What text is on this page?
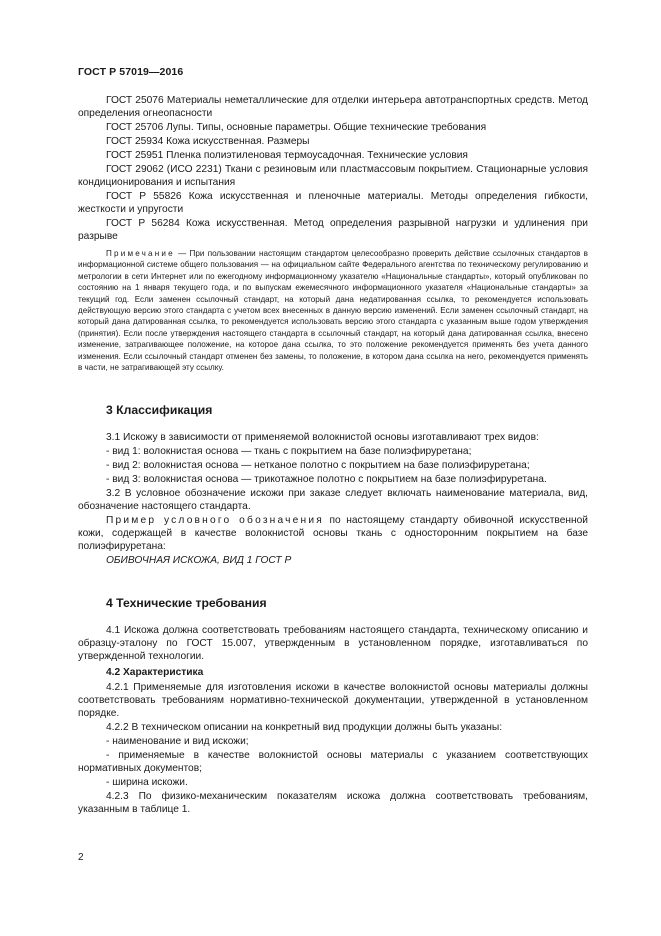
ГОСТ Р 57019—2016

ГОСТ 25076 Материалы неметаллические для отделки интерьера автотранспортных средств. Метод определения огнеопасности

ГОСТ 25706 Лупы. Типы, основные параметры. Общие технические требования

ГОСТ 25934 Кожа искусственная. Размеры

ГОСТ 25951 Пленка полиэтиленовая термоусадочная. Технические условия

ГОСТ 29062 (ИСО 2231) Ткани с резиновым или пластмассовым покрытием. Стационарные условия кондиционирования и испытания

ГОСТ Р 55826 Кожа искусственная и пленочные материалы. Методы определения гибкости, жесткости и упругости

ГОСТ Р 56284 Кожа искусственная. Метод определения разрывной нагрузки и удлинения при разрыве

Примечание — При пользовании настоящим стандартом целесообразно проверить действие ссылочных стандартов в информационной системе общего пользования — на официальном сайте Федерального агентства по техническому регулированию и метрологии в сети Интернет или по ежегодному информационному указателю «Национальные стандарты», который опубликован по состоянию на 1 января текущего года, и по выпускам ежемесячного информационного указателя «Национальные стандарты» за текущий год. Если заменен ссылочный стандарт, на который дана недатированная ссылка, то рекомендуется использовать действующую версию этого стандарта с учетом всех внесенных в данную версию изменений. Если заменен ссылочный стандарт, на который дана датированная ссылка, то рекомендуется использовать версию этого стандарта с указанным выше годом утверждения (принятия). Если после утверждения настоящего стандарта в ссылочный стандарт, на который дана датированная ссылка, внесено изменение, затрагивающее положение, на которое дана ссылка, то это положение рекомендуется применять без учета данного изменения. Если ссылочный стандарт отменен без замены, то положение, в котором дана ссылка на него, рекомендуется применять в части, не затрагивающей эту ссылку.

3 Классификация

3.1 Искожу в зависимости от применяемой волокнистой основы изготавливают трех видов:

- вид 1: волокнистая основа — ткань с покрытием на базе полиэфируретана;

- вид 2: волокнистая основа — нетканое полотно с покрытием на базе полиэфируретана;

- вид 3: волокнистая основа — трикотажное полотно с покрытием на базе полиэфируретана.

3.2 В условное обозначение искожи при заказе следует включать наименование материала, вид, обозначение настоящего стандарта.

Пример условного обозначения по настоящему стандарту обивочной искусственной кожи, содержащей в качестве волокнистой основы ткань с односторонним покрытием на базе полиэфируретана:

ОБИВОЧНАЯ ИСКОЖА, ВИД 1 ГОСТ Р

4 Технические требования

4.1 Искожа должна соответствовать требованиям настоящего стандарта, техническому описанию и образцу-эталону по ГОСТ 15.007, утвержденным в установленном порядке, изготавливаться по утвержденной технологии.

4.2 Характеристика

4.2.1 Применяемые для изготовления искожи в качестве волокнистой основы материалы должны соответствовать требованиям нормативно-технической документации, утвержденной в установленном порядке.

4.2.2 В техническом описании на конкретный вид продукции должны быть указаны:

- наименование и вид искожи;

- применяемые в качестве волокнистой основы материалы с указанием соответствующих нормативных документов;

- ширина искожи.

4.2.3 По физико-механическим показателям искожа должна соответствовать требованиям, указанным в таблице 1.

2
